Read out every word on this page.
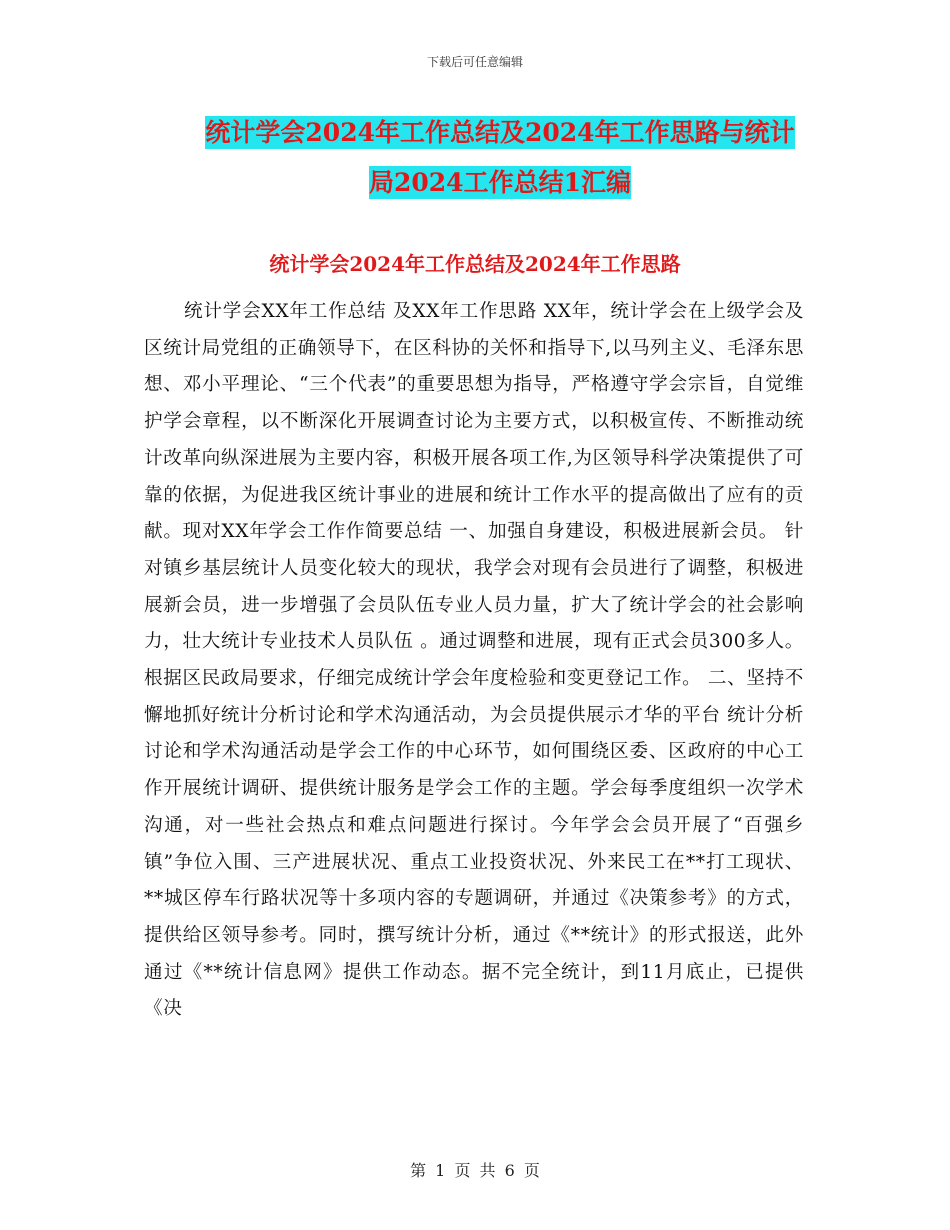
下载后可任意编辑
统计学会2024年工作总结及2024年工作思路与统计
局2024工作总结1汇编
统计学会2024年工作总结及2024年工作思路

统计学会XX年工作总结 及XX年工作思路 XX年，统计学会在上级学会及区统计局党组的正确领导下，在区科协的关怀和指导下,以马列主义、毛泽东思想、邓小平理论、“三个代表”的重要思想为指导，严格遵守学会宗旨，自觉维护学会章程，以不断深化开展调查讨论为主要方式，以积极宣传、不断推动统计改革向纵深进展为主要内容，积极开展各项工作,为区领导科学决策提供了可靠的依据，为促进我区统计事业的进展和统计工作水平的提高做出了应有的贡献。现对XX年学会工作作简要总结 一、加强自身建设，积极进展新会员。 针对镇乡基层统计人员变化较大的现状，我学会对现有会员进行了调整，积极进展新会员，进一步增强了会员队伍专业人员力量，扩大了统计学会的社会影响力，壮大统计专业技术人员队伍 。通过调整和进展，现有正式会员300多人。根据区民政局要求，仔细完成统计学会年度检验和变更登记工作。 二、坚持不懈地抓好统计分析讨论和学术沟通活动，为会员提供展示才华的平台 统计分析讨论和学术沟通活动是学会工作的中心环节，如何围绕区委、区政府的中心工作开展统计调研、提供统计服务是学会工作的主题。学会每季度组织一次学术沟通，对一些社会热点和难点问题进行探讨。今年学会会员开展了“百强乡镇”争位入围、三产进展状况、重点工业投资状况、外来民工在**打工现状、**城区停车行路状况等十多项内容的专题调研，并通过《决策参考》的方式，提供给区领导参考。同时，撰写统计分析，通过《**统计》的形式报送，此外通过《**统计信息网》提供工作动态。据不完全统计，到11月底止，已提供《决

第 1 页 共 6 页
